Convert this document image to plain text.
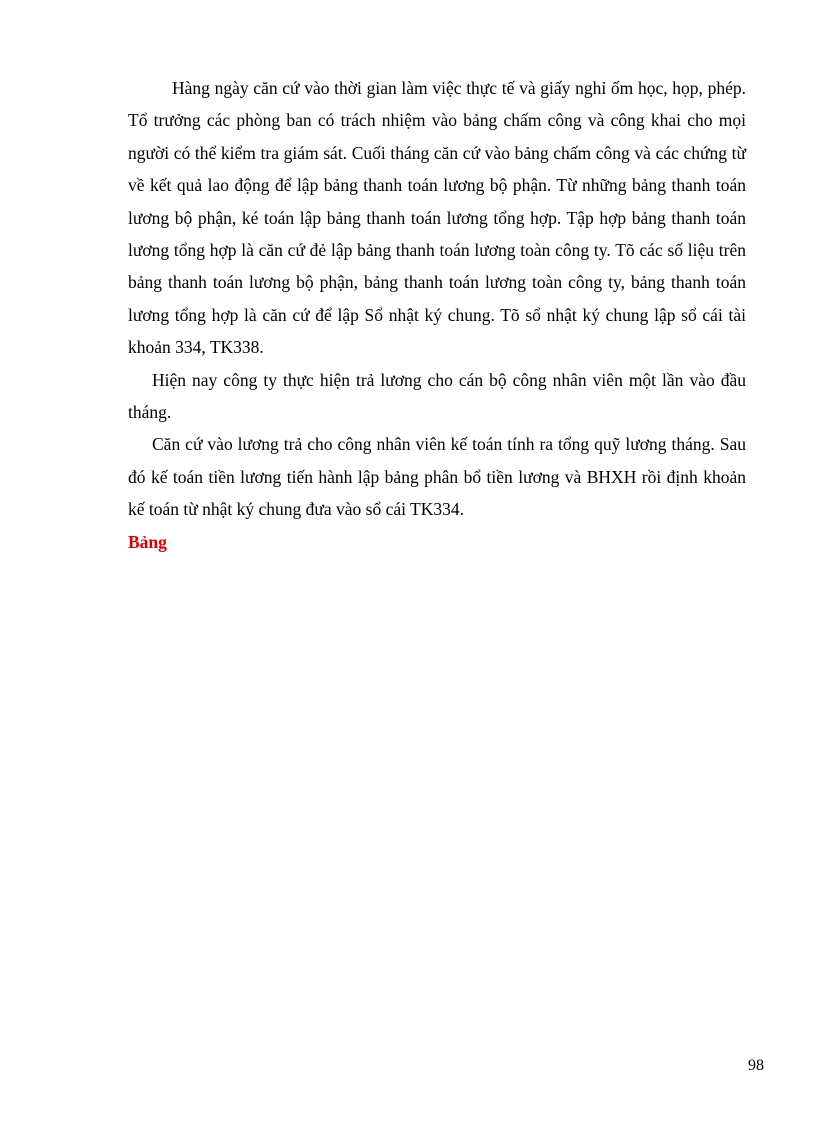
Hàng ngày căn cứ vào thời gian làm việc thực tế và giấy nghỉ ốm học, họp, phép. Tổ trưởng các phòng ban có trách nhiệm vào bảng chấm công và công khai cho mọi người có thể kiểm tra giám sát. Cuối tháng căn cứ vào bảng chấm công và các chứng từ về kết quả lao động để lập bảng thanh toán lương bộ phận. Từ những bảng thanh toán lương bộ phận, ké toán lập bảng thanh toán lương tổng hợp. Tập hợp bảng thanh toán lương tổng hợp là căn cứ đẻ lập bảng thanh toán lương toàn công ty. Tõ các số liệu trên bảng thanh toán lương bộ phận, bảng thanh toán lương toàn công ty, bảng thanh toán lương tổng hợp là căn cứ để lập Sổ nhật ký chung. Tõ sổ nhật ký chung lập sổ cái tài khoản 334, TK338.

Hiện nay công ty thực hiện trả lương cho cán bộ công nhân viên một lần vào đầu tháng.

Căn cứ vào lương trả cho công nhân viên kế toán tính ra tổng quỹ lương tháng. Sau đó kế toán tiền lương tiến hành lập bảng phân bổ tiền lương và BHXH rồi định khoản kế toán từ nhật ký chung đưa vào sổ cái TK334.

Bảng

98
